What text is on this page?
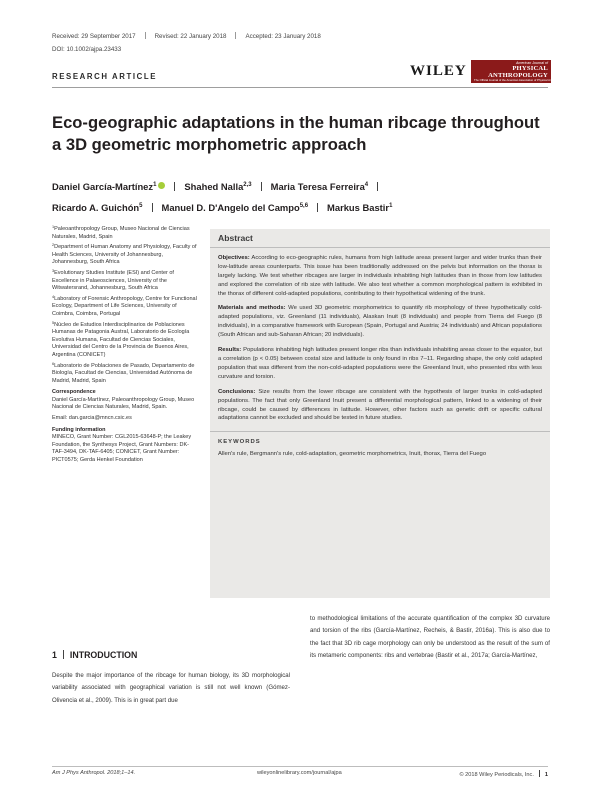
Received: 29 September 2017	Revised: 22 January 2018	Accepted: 23 January 2018
DOI: 10.1002/ajpa.23433
RESEARCH ARTICLE	WILEY	American Journal of
PHYSICAL
ANTHROPOLOGY
The Official Journal of the American Association of Physical Anthropologists
Eco-geographic adaptations in the human ribcage throughout a 3D geometric morphometric approach
Daniel García-Martínez$^1$	Shahed Nalla$^{2,3}$ Maria Teresa Ferreira$^4$
Ricardo A. Guichón$^5$ Manuel D. D'Angelo del Campo$^{5,6}$ Markus Bastir$^1$
$^1$Paleoanthropology Group, Museo Nacional de Ciencias Naturales, Madrid, Spain
$^2$Department of Human Anatomy and Physiology, Faculty of Health Sciences, University of Johannesburg, Johannesburg, South Africa
$^3$Evolutionary Studies Institute (ESI) and Center of Excellence in Palaeosciences, University of the Witwatersrand, Johannesburg, South Africa
$^4$Laboratory of Forensic Anthropology, Centre for Functional Ecology, Department of Life Sciences, University of Coimbra, Coimbra, Portugal
$^5$Núcleo de Estudios Interdisciplinarios de Poblaciones Humanas de Patagonia Austral, Laboratorio de Ecología Evolutiva Humana, Facultad de Ciencias Sociales, Universidad del Centro de la Provincia de Buenos Aires, Argentina (CONICET)
$^6$Laboratorio de Poblaciones de Pasado, Departamento de Biología, Facultad de Ciencias, Universidad Autónoma de Madrid, Madrid, Spain
Correspondence
Daniel García-Martínez, Paleoanthropology Group, Museo Nacional de Ciencias Naturales, Madrid, Spain.
Email: dan.garcia@mncn.csic.es
Funding information
MINECO, Grant Number: CGL2015-63648-P; the Leakey Foundation, the Synthesys Project, Grant Numbers: DK-TAF-3494, DK-TAF-6405; CONICET, Grant Number: PICT0575; Gerda Henkel Foundation
Abstract

Objectives: According to eco-geographic rules, humans from high latitude areas present larger and wider trunks than their low-latitude areas counterparts. This issue has been traditionally addressed on the pelvis but information on the thorax is largely lacking. We test whether ribcages are larger in individuals inhabiting high latitudes than in those from low latitudes and explored the correlation of rib size with latitude. We also test whether a common morphological pattern is exhibited in the thorax of different cold-adapted populations, contributing to their hypothetical widening of the trunk.

Materials and methods: We used 3D geometric morphometrics to quantify rib morphology of three hypothetically cold-adapted populations, viz. Greenland (11 individuals), Alaskan Inuit (8 individuals) and people from Tierra del Fuego (8 individuals), in a comparative framework with European (Spain, Portugal and Austria; 24 individuals) and African populations (South African and sub-Saharan African; 20 individuals).

Results: Populations inhabiting high latitudes present longer ribs than individuals inhabiting areas closer to the equator, but a correlation (p < 0.05) between costal size and latitude is only found in ribs 7–11. Regarding shape, the only cold adapted population that was different from the non-cold-adapted populations were the Greenland Inuit, who presented ribs with less curvature and torsion.

Conclusions: Size results from the lower ribcage are consistent with the hypothesis of larger trunks in cold-adapted populations. The fact that only Greenland Inuit present a differential morphological pattern, linked to a widening of their ribcage, could be caused by differences in latitude. However, other factors such as genetic drift or specific cultural adaptations cannot be excluded and should be tested in future studies.

KEYWORDS

Allen's rule, Bergmann's rule, cold-adaptation, geometric morphometrics, Inuit, thorax, Tierra del Fuego

1 INTRODUCTION

Despite the major importance of the ribcage for human biology, its 3D morphological variability associated with geographical variation is still not well known (Gómez-Olivencia et al., 2009). This is in great part due

to methodological limitations of the accurate quantification of the complex 3D curvature and torsion of the ribs (García-Martínez, Recheis, & Bastir, 2016a). This is also due to the fact that 3D rib cage morphology can only be understood as the result of the sum of its metameric components: ribs and vertebrae (Bastir et al., 2017a; García-Martínez,

Am J Phys Anthropol. 2018;1–14.	wileyonlinelibrary.com/journal/ajpa	© 2018 Wiley Periodicals, Inc. 1
